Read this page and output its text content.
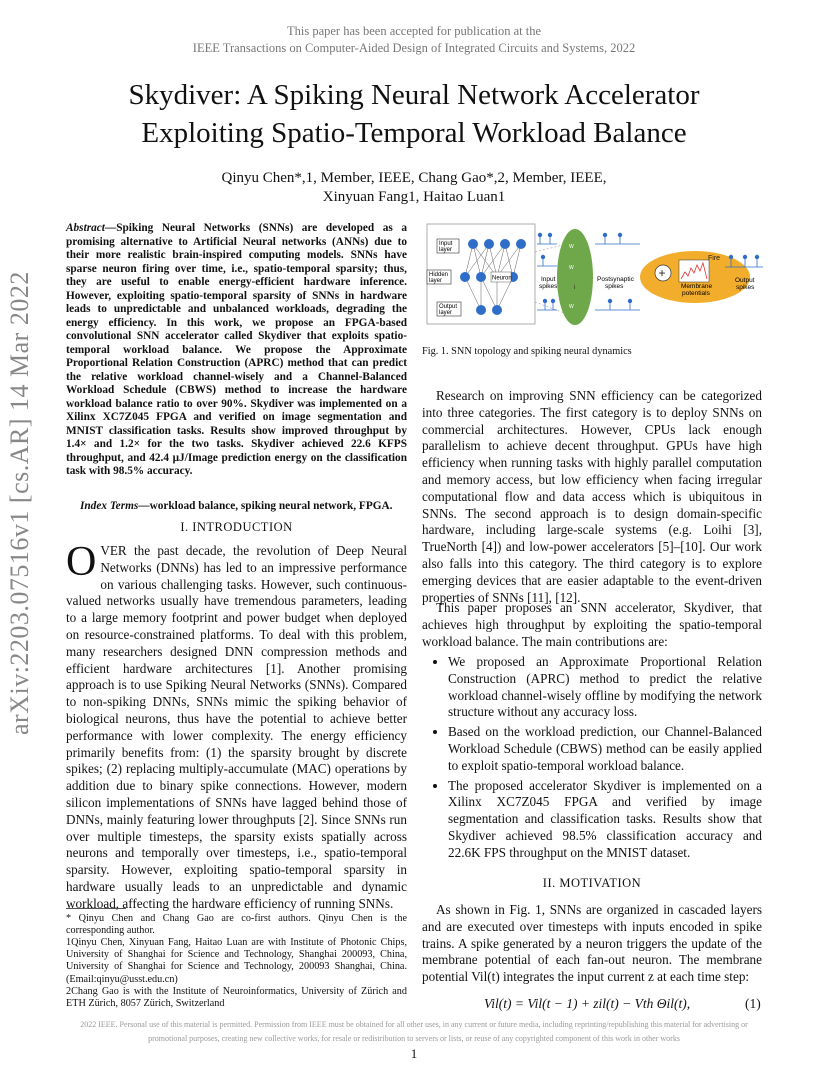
This paper has been accepted for publication at the
IEEE Transactions on Computer-Aided Design of Integrated Circuits and Systems, 2022
Skydiver: A Spiking Neural Network Accelerator
Exploiting Spatio-Temporal Workload Balance
Qinyu Chen*,1, Member, IEEE, Chang Gao*,2, Member, IEEE,
Xinyuan Fang1, Haitao Luan1
arXiv:2203.07516v1 [cs.AR] 14 Mar 2022
Abstract—Spiking Neural Networks (SNNs) are developed as a promising alternative to Artificial Neural networks (ANNs) due to their more realistic brain-inspired computing models. SNNs have sparse neuron firing over time, i.e., spatio-temporal sparsity; thus, they are useful to enable energy-efficient hardware inference. However, exploiting spatio-temporal sparsity of SNNs in hardware leads to unpredictable and unbalanced workloads, degrading the energy efficiency. In this work, we propose an FPGA-based convolutional SNN accelerator called Skydiver that exploits spatio-temporal workload balance. We propose the Approximate Proportional Relation Construction (APRC) method that can predict the relative workload channel-wisely and a Channel-Balanced Workload Schedule (CBWS) method to increase the hardware workload balance ratio to over 90%. Skydiver was implemented on a Xilinx XC7Z045 FPGA and verified on image segmentation and MNIST classification tasks. Results show improved throughput by 1.4× and 1.2× for the two tasks. Skydiver achieved 22.6 KFPS throughput, and 42.4 μJ/Image prediction energy on the classification task with 98.5% accuracy.
Index Terms—workload balance, spiking neural network, FPGA.
I. INTRODUCTION
OVER the past decade, the revolution of Deep Neural Networks (DNNs) has led to an impressive performance on various challenging tasks. However, such continuous-valued networks usually have tremendous parameters, leading to a large memory footprint and power budget when deployed on resource-constrained platforms. To deal with this problem, many researchers designed DNN compression methods and efficient hardware architectures [1]. Another promising approach is to use Spiking Neural Networks (SNNs). Compared to non-spiking DNNs, SNNs mimic the spiking behavior of biological neurons, thus have the potential to achieve better performance with lower complexity. The energy efficiency primarily benefits from: (1) the sparsity brought by discrete spikes; (2) replacing multiply-accumulate (MAC) operations by addition due to binary spike connections. However, modern silicon implementations of SNNs have lagged behind those of DNNs, mainly featuring lower throughputs [2]. Since SNNs run over multiple timesteps, the sparsity exists spatially across neurons and temporally over timesteps, i.e., spatio-temporal sparsity. However, exploiting spatio-temporal sparsity in hardware usually leads to an unpredictable and dynamic workload, affecting the hardware efficiency of running SNNs.
* Qinyu Chen and Chang Gao are co-first authors. Qinyu Chen is the corresponding author.
1Qinyu Chen, Xinyuan Fang, Haitao Luan are with Institute of Photonic Chips, University of Shanghai for Science and Technology, Shanghai 200093, China, University of Shanghai for Science and Technology, 200093 Shanghai, China.(Email:qinyu@usst.edu.cn)
2Chang Gao is with the Institute of Neuroinformatics, University of Zürich and ETH Zürich, 8057 Zürich, Switzerland
Input
layer
Hidden
layer
Output
layer
Neuron
W
W
W
i
Input
spikes
Postsynaptic
spikes
+
Membrane
potentials
Fire
Output
spikes
Fig. 1. SNN topology and spiking neural dynamics
Research on improving SNN efficiency can be categorized into three categories. The first category is to deploy SNNs on commercial architectures. However, CPUs lack enough parallelism to achieve decent throughput. GPUs have high efficiency when running tasks with highly parallel computation and memory access, but low efficiency when facing irregular computational flow and data access which is ubiquitous in SNNs. The second approach is to design domain-specific hardware, including large-scale systems (e.g. Loihi [3], TrueNorth [4]) and low-power accelerators [5]–[10]. Our work also falls into this category. The third category is to explore emerging devices that are easier adaptable to the event-driven properties of SNNs [11], [12].
This paper proposes an SNN accelerator, Skydiver, that achieves high throughput by exploiting the spatio-temporal workload balance. The main contributions are:
• We proposed an Approximate Proportional Relation Construction (APRC) method to predict the relative workload channel-wisely offline by modifying the network structure without any accuracy loss.
• Based on the workload prediction, our Channel-Balanced Workload Schedule (CBWS) method can be easily applied to exploit spatio-temporal workload balance.
• The proposed accelerator Skydiver is implemented on a Xilinx XC7Z045 FPGA and verified by image segmentation and classification tasks. Results show that Skydiver achieved 98.5% classification accuracy and 22.6K FPS throughput on the MNIST dataset.
II. MOTIVATION
As shown in Fig. 1, SNNs are organized in cascaded layers and are executed over timesteps with inputs encoded in spike trains. A spike generated by a neuron triggers the update of the membrane potential of each fan-out neuron. The membrane potential Vil(t) integrates the input current z at each time step:
Vil(t) = Vil(t − 1) + zil(t) − Vth Θil(t),	(1)
2022 IEEE. Personal use of this material is permitted. Permission from IEEE must be obtained for all other uses, in any current or future media, including reprinting/republishing this material for advertising or
promotional purposes, creating new collective works, for resale or redistribution to servers or lists, or reuse of any copyrighted component of this work in other works
1
